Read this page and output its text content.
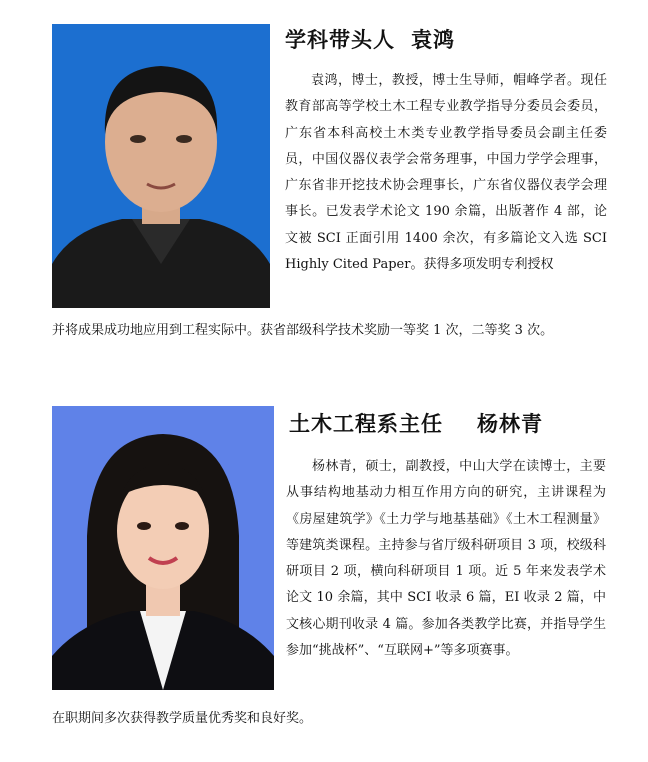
学科带头人 袁鸿
袁鸿，博士，教授，博士生导师，帽峰学者。现任教育部高等学校土木工程专业教学指导分委员会委员，广东省本科高校土木类专业教学指导委员会副主任委员，中国仪器仪表学会常务理事，中国力学学会理事，广东省非开挖技术协会理事长，广东省仪器仪表学会理事长。已发表学术论文 190 余篇，出版著作 4 部，论文被 SCI 正面引用 1400 余次，有多篇论文入选 SCI Highly Cited Paper。获得多项发明专利授权
并将成果成功地应用到工程实际中。获省部级科学技术奖励一等奖 1 次，二等奖 3 次。
土木工程系主任 杨林青
杨林青，硕士，副教授，中山大学在读博士，主要从事结构地基动力相互作用方向的研究，主讲课程为《房屋建筑学》《土力学与地基基础》《土木工程测量》等建筑类课程。主持参与省厅级科研项目 3 项，校级科研项目 2 项，横向科研项目 1 项。近 5 年来发表学术论文 10 余篇，其中 SCI 收录 6 篇，EI 收录 2 篇，中文核心期刊收录 4 篇。参加各类教学比赛，并指导学生参加“挑战杯”、“互联网+”等多项赛事。
在职期间多次获得教学质量优秀奖和良好奖。
